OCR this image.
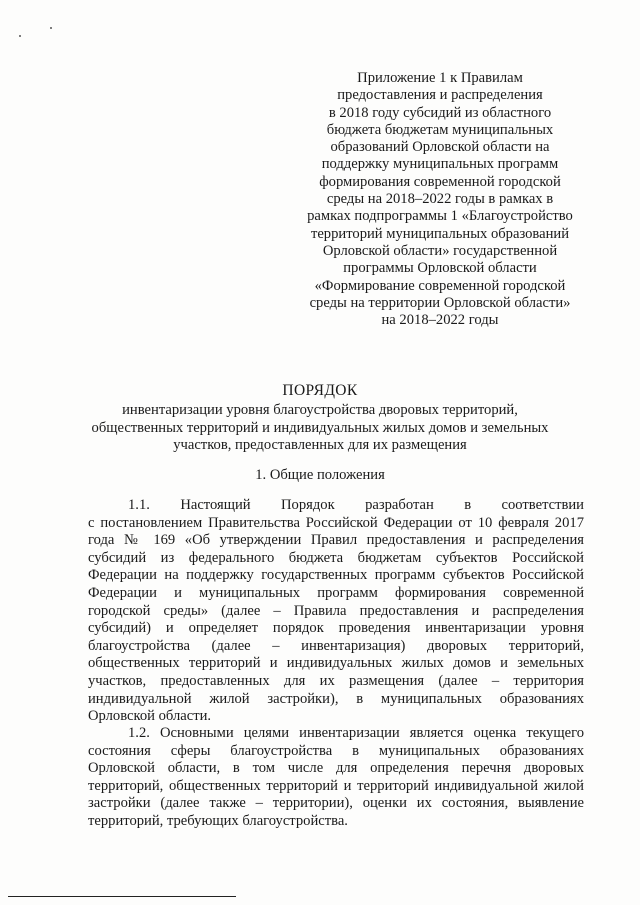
Приложение 1 к Правилам
предоставления и распределения
в 2018 году субсидий из областного
бюджета бюджетам муниципальных
образований Орловской области на
поддержку муниципальных программ
формирования современной городской
среды на 2018–2022 годы в рамках в
рамках подпрограммы 1 «Благоустройство
территорий муниципальных образований
Орловской области» государственной
программы Орловской области
«Формирование современной городской
среды на территории Орловской области»
на 2018–2022 годы
ПОРЯДОК
инвентаризации уровня благоустройства дворовых территорий,
общественных территорий и индивидуальных жилых домов и земельных
участков, предоставленных для их размещения
1. Общие положения
1.1. Настоящий Порядок разработан в соответствии
с постановлением Правительства Российской Федерации от 10 февраля 2017
года № 169 «Об утверждении Правил предоставления и распределения
субсидий из федерального бюджета бюджетам субъектов Российской
Федерации на поддержку государственных программ субъектов Российской
Федерации и муниципальных программ формирования современной
городской среды» (далее – Правила предоставления и распределения
субсидий) и определяет порядок проведения инвентаризации уровня
благоустройства (далее – инвентаризация) дворовых территорий,
общественных территорий и индивидуальных жилых домов и земельных
участков, предоставленных для их размещения (далее – территория
индивидуальной жилой застройки), в муниципальных образованиях
Орловской области.
1.2. Основными целями инвентаризации является оценка текущего
состояния сферы благоустройства в муниципальных образованиях
Орловской области, в том числе для определения перечня дворовых
территорий, общественных территорий и территорий индивидуальной жилой
застройки (далее также – территории), оценки их состояния, выявление
территорий, требующих благоустройства.
